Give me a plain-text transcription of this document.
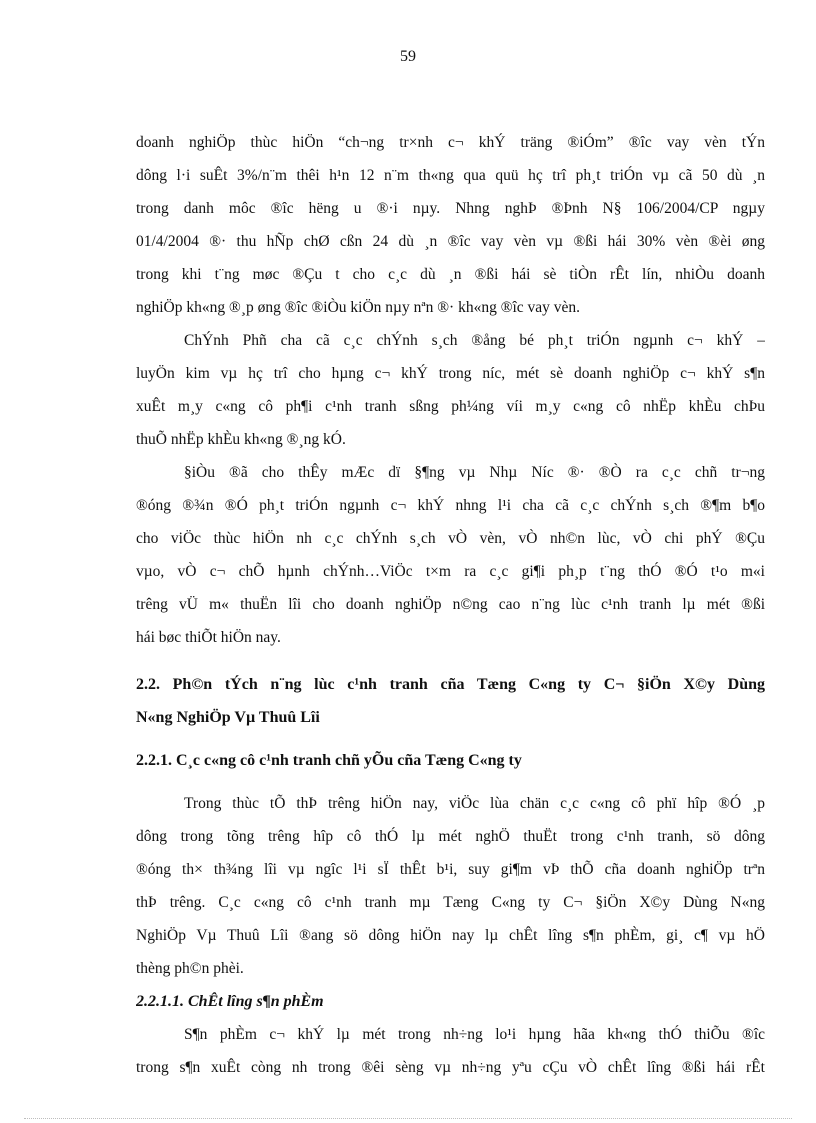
59
doanh nghiÖp thùc hiÖn “ch¬ng tr×nh c¬ khÝ träng ®iÓm” ®îc vay vèn tÝn
dông l·i suÊt 3%/n¨m thêi h¹n 12 n¨m th«ng qua quü hç trî ph¸t triÓn vµ cã 50 dù ¸n
trong danh môc ®îc hëng u ®·i nµy. Nhng nghÞ ®Þnh N§ 106/2004/CP ngµy
01/4/2004 ®· thu hÑp chØ cßn 24 dù ¸n ®îc vay vèn vµ ®ßi hái 30% vèn ®èi øng
trong khi t¨ng møc ®Çu t cho c¸c dù ¸n ®ßi hái sè tiÒn rÊt lín, nhiÒu doanh
nghiÖp kh«ng ®¸p øng ®îc ®iÒu kiÖn nµy nªn ®· kh«ng ®îc vay vèn.
ChÝnh Phñ cha cã c¸c chÝnh s¸ch ®ång bé ph¸t triÓn ngµnh c¬ khÝ –
luyÖn kim vµ hç trî cho hµng c¬ khÝ trong níc, mét sè doanh nghiÖp c¬ khÝ s¶n
xuÊt m¸y c«ng cô ph¶i c¹nh tranh sßng ph¼ng víi m¸y c«ng cô nhËp khÈu chÞu
thuÕ nhËp khÈu kh«ng ®¸ng kÓ.
§iÒu ®ã cho thÊy mÆc dï §¶ng vµ Nhµ Níc ®· ®Ò ra c¸c chñ tr¬ng
®óng ®¾n ®Ó ph¸t triÓn ngµnh c¬ khÝ nhng l¹i cha cã c¸c chÝnh s¸ch ®¶m b¶o
cho viÖc thùc hiÖn nh c¸c chÝnh s¸ch vÒ vèn, vÒ nh©n lùc, vÒ chi phÝ ®Çu
vµo, vÒ c¬ chÕ hµnh chÝnh…ViÖc t×m ra c¸c gi¶i ph¸p t¨ng thÓ ®Ó t¹o m«i
trêng vÜ m« thuËn lîi cho doanh nghiÖp n©ng cao n¨ng lùc c¹nh tranh lµ mét ®ßi
hái bøc thiÕt hiÖn nay.
2.2. Ph©n tÝch n¨ng lùc c¹nh tranh cña Tæng C«ng ty C¬ §iÖn X©y Dùng
N«ng NghiÖp Vµ Thuû Lîi
2.2.1. C¸c c«ng cô c¹nh tranh chñ yÕu cña Tæng C«ng ty
Trong thùc tÕ thÞ trêng hiÖn nay, viÖc lùa chän c¸c c«ng cô phï hîp ®Ó ¸p
dông trong tõng trêng hîp cô thÓ lµ mét nghÖ thuËt trong c¹nh tranh, sö dông
®óng th× th¾ng lîi vµ ngîc l¹i sÏ thÊt b¹i, suy gi¶m vÞ thÕ cña doanh nghiÖp trªn
thÞ trêng. C¸c c«ng cô c¹nh tranh mµ Tæng C«ng ty C¬ §iÖn X©y Dùng N«ng
NghiÖp Vµ Thuû Lîi ®ang sö dông hiÖn nay lµ chÊt lîng s¶n phÈm, gi¸ c¶ vµ hÖ
thèng ph©n phèi.
2.2.1.1. ChÊt lîng s¶n phÈm
S¶n phÈm c¬ khÝ lµ mét trong nh÷ng lo¹i hµng hãa kh«ng thÓ thiÕu ®îc
trong s¶n xuÊt còng nh trong ®êi sèng vµ nh÷ng yªu cÇu vÒ chÊt lîng ®ßi hái rÊt
